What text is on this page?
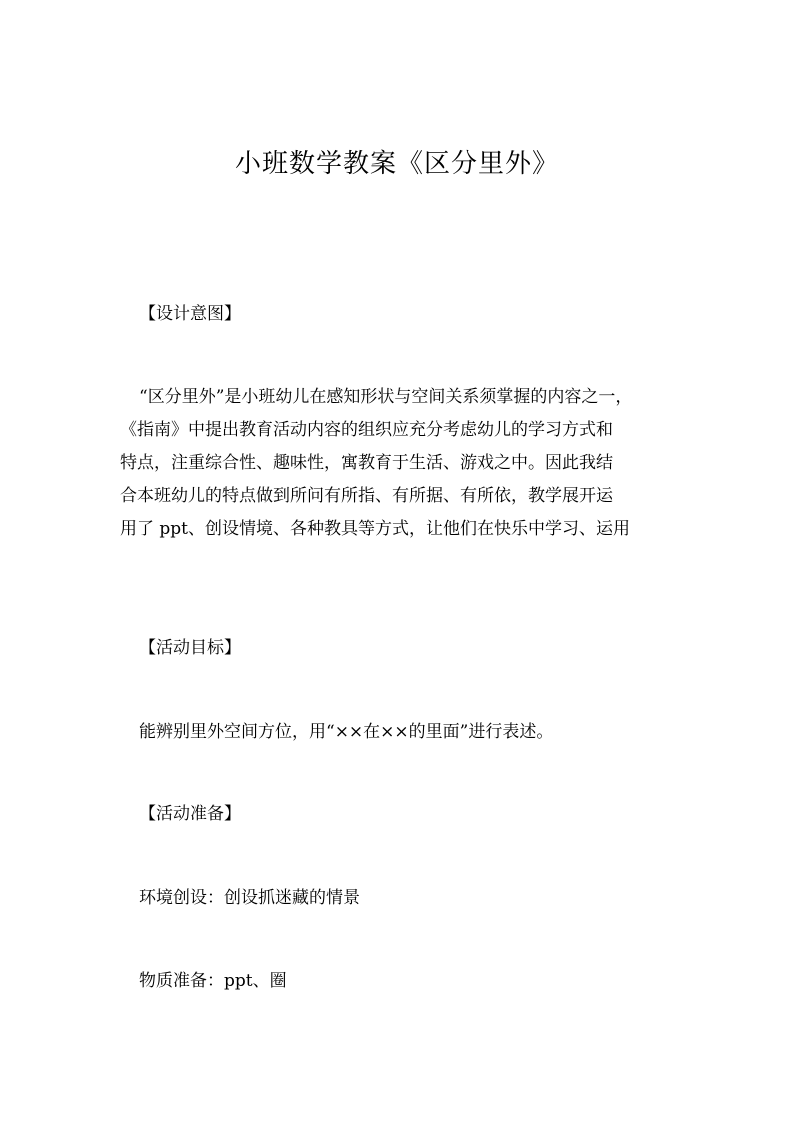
小班数学教案《区分里外》
【设计意图】
“区分里外”是小班幼儿在感知形状与空间关系须掌握的内容之一，
《指南》中提出教育活动内容的组织应充分考虑幼儿的学习方式和
特点，注重综合性、趣味性，寓教育于生活、游戏之中。因此我结
合本班幼儿的特点做到所问有所指、有所据、有所依，教学展开运
用了 ppt、创设情境、各种教具等方式，让他们在快乐中学习、运用
【活动目标】

能辨别里外空间方位，用“××在××的里面”进行表述。

【活动准备】

环境创设：创设抓迷藏的情景

物质准备：ppt、圈
